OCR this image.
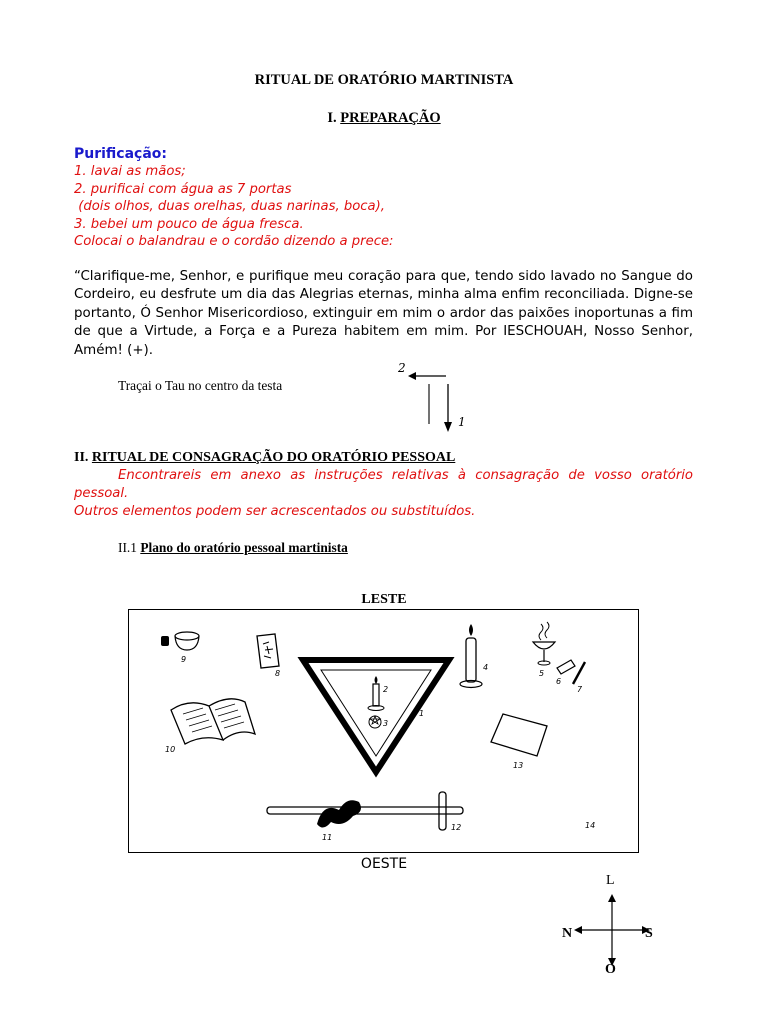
RITUAL DE ORATÓRIO MARTINISTA
I. PREPARAÇÃO
Purificação:
1. lavai as mãos;
2. purificai com água as 7 portas
(dois olhos, duas orelhas, duas narinas, boca),
3. bebei um pouco de água fresca.
Colocai o balandrau e o cordão dizendo a prece:
“Clarifique-me, Senhor, e purifique meu coração para que, tendo sido lavado no Sangue do Cordeiro, eu desfrute um dia das Alegrias eternas, minha alma enfim reconciliada. Digne-se portanto, Ó Senhor Misericordioso, extinguir em mim o ardor das paixões inoportunas a fim de que a Virtude, a Força e a Pureza habitem em mim. Por IESCHOUAH, Nosso Senhor, Amém! (+).
Traçai o Tau no centro da testa
2
1
II. RITUAL DE CONSAGRAÇÃO DO ORATÓRIO PESSOAL
Encontrareis em anexo as instruções relativas à consagração de vosso oratório pessoal.
Outros elementos podem ser acrescentados ou substituídos.
II.1 Plano do oratório pessoal martinista
LESTE
9
8
2
3
1
4
5
6
7
10
13
11
12	14
OESTE
L
N	S
O
